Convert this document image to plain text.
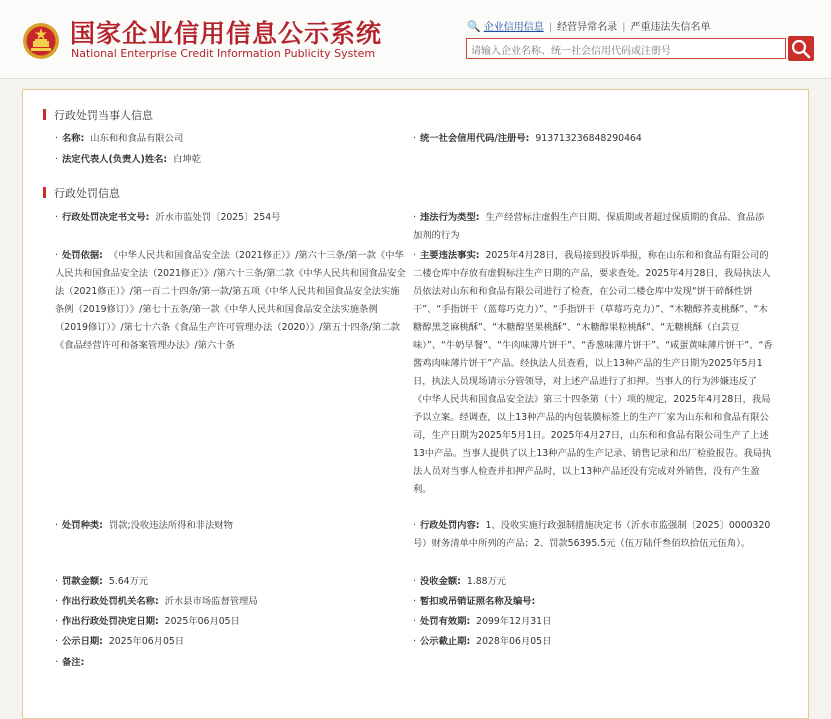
国家企业信用信息公示系统
National Enterprise Credit Information Publicity System
🔍 企业信用信息 | 经营异常名录 | 严重违法失信名单
请输入企业名称、统一社会信用代码或注册号
行政处罚当事人信息
· 名称: 山东和和食品有限公司	· 统一社会信用代码/注册号: 913713236848290464
· 法定代表人(负责人)姓名: 白坤乾
行政处罚信息
· 行政处罚决定书文号: 沂水市监处罚〔2025〕254号	· 违法行为类型: 生产经营标注虚假生产日期、保质期或者超过保质期的食品、食品添加剂的行为
· 处罚依据: 《中华人民共和国食品安全法（2021修正）》/第六十三条/第一款《中华人民共和国食品安全法（2021修正）》/第六十三条/第二款《中华人民共和国食品安全法（2021修正）》/第一百二十四条/第一款/第五项《中华人民共和国食品安全法实施条例（2019修订）》/第七十五条/第一款《中华人民共和国食品安全法实施条例（2019修订）》/第七十六条《食品生产许可管理办法（2020）》/第五十四条/第二款《食品经营许可和备案管理办法》/第六十条
· 主要违法事实: 2025年4月28日，我局接到投诉举报，称在山东和和食品有限公司的二楼仓库中存放有虚假标注生产日期的产品，要求查处。2025年4月28日，我局执法人员依法对山东和和食品有限公司进行了检查，在公司二楼仓库中发现“饼干碎酥性饼干”、“手指饼干（蓝莓巧克力）”、“手指饼干（草莓巧克力）”、“木糖醇荞麦桃酥”、“木糖醇黑芝麻桃酥”、“木糖醇坚果桃酥”、“木糖醇果粒桃酥”、“无糖桃酥（白芸豆味）”、“牛奶早餐”、“牛肉味薄片饼干”、“香葱味薄片饼干”、“咸蛋黄味薄片饼干”、“香酱鸡肉味薄片饼干”产品。经执法人员查看，以上13种产品的生产日期为2025年5月1日，执法人员现场请示分管领导，对上述产品进行了扣押。当事人的行为涉嫌违反了《中华人民共和国食品安全法》第三十四条第（十）项的规定，2025年4月28日，我局予以立案。经调查，以上13种产品的内包装膜标签上的生产厂家为山东和和食品有限公司，生产日期为2025年5月1日。2025年4月27日，山东和和食品有限公司生产了上述13中产品。当事人提供了以上13种产品的生产记录、销售记录和出厂检验报告。我局执法人员对当事人检查并扣押产品时，以上13种产品还没有完成对外销售，没有产生盈利。
· 处罚种类: 罚款;没收违法所得和非法财物	· 行政处罚内容: 1、没收实施行政强制措施决定书（沂水市监强制〔2025〕0000320号）财务清单中所列的产品；2、罚款56395.5元（伍万陆仟叁佰玖拾伍元伍角）。
· 罚款金额: 5.64万元	· 没收金额: 1.88万元
· 作出行政处罚机关名称: 沂水县市场监督管理局	· 暂扣或吊销证照名称及编号:
· 作出行政处罚决定日期: 2025年06月05日	· 处罚有效期: 2099年12月31日
· 公示日期: 2025年06月05日	· 公示截止期: 2028年06月05日
· 备注:
